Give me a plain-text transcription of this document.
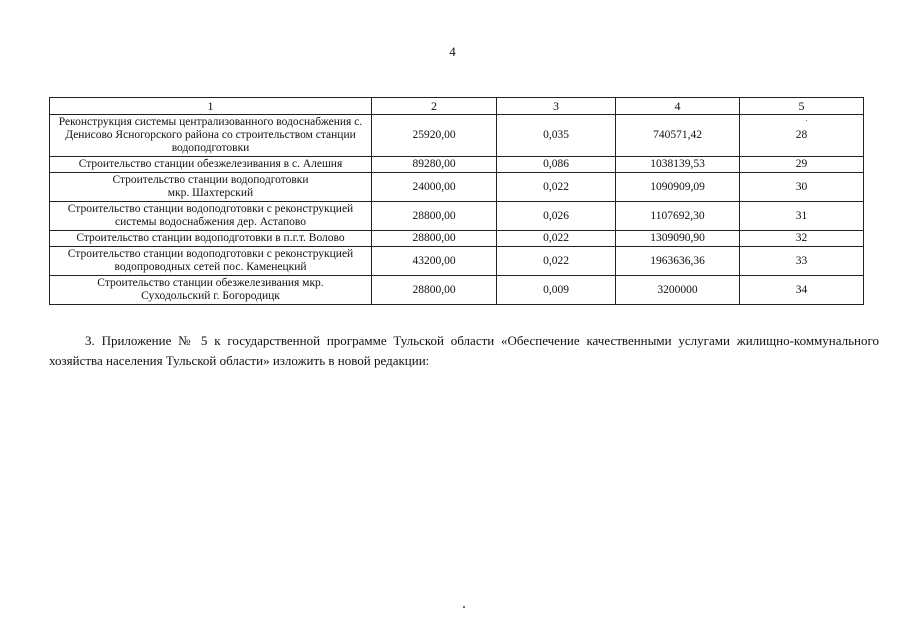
4
1	2	3	4	5
Реконструкция системы централизованного водоснабжения с. Денисово Ясногорского района со строительством станции водоподготовки	25920,00	0,035	740571,42	28
Строительство станции обезжелезивания в с. Алешня	89280,00	0,086	1038139,53	29
Строительство станции водоподготовки мкр. Шахтерский	24000,00	0,022	1090909,09	30
Строительство станции водоподготовки с реконструкцией системы водоснабжения дер. Астапово	28800,00	0,026	1107692,30	31
Строительство станции водоподготовки в п.г.т. Волово	28800,00	0,022	1309090,90	32
Строительство станции водоподготовки с реконструкцией водопроводных сетей пос. Каменецкий	43200,00	0,022	1963636,36	33
Строительство станции обезжелезивания мкр. Суходольский г. Богородицк	28800,00	0,009	3200000	34
3. Приложение № 5 к государственной программе Тульской области «Обеспечение качественными услугами жилищно-коммунального хозяйства населения Тульской области» изложить в новой редакции:
